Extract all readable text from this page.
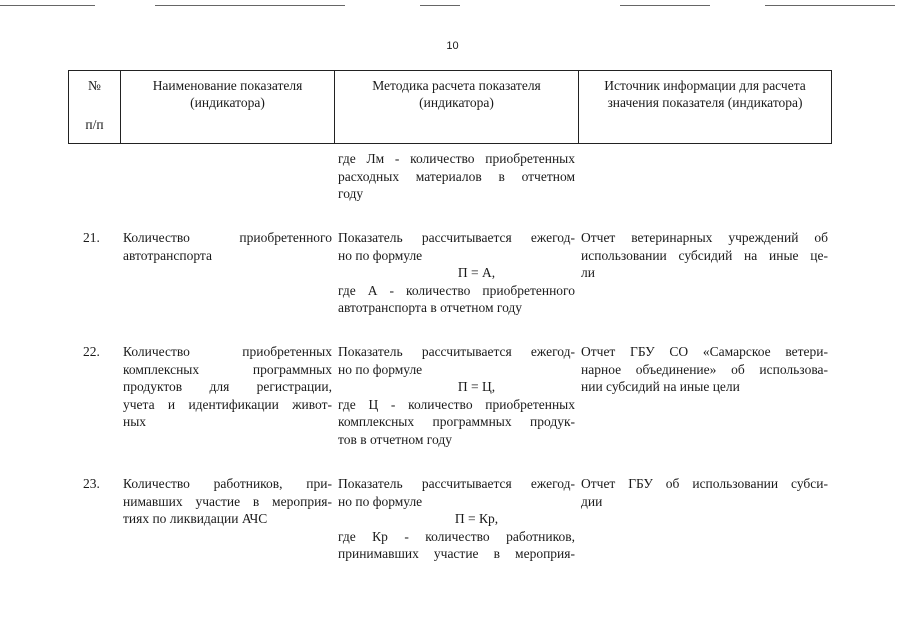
10
№
п/п
Наименование показателя
(индикатора)
Методика расчета показателя
(индикатора)
Источник информации для расчета
значения показателя (индикатора)
где Лм - количество приобретенных
расходных материалов в отчетном
году
21. Количество приобретенного
автотранспорта
Показатель рассчитывается ежегод-
но по формуле
П = А,
где А - количество приобретенного
автотранспорта в отчетном году
Отчет ветеринарных учреждений об
использовании субсидий на иные це-
ли
22. Количество приобретенных
комплексных программных
продуктов для регистрации,
учета и идентификации живот-
ных
Показатель рассчитывается ежегод-
но по формуле
П = Ц,
где Ц - количество приобретенных
комплексных программных продук-
тов в отчетном году
Отчет ГБУ СО «Самарское ветери-
нарное объединение» об использова-
нии субсидий на иные цели
23. Количество работников, при-
нимавших участие в мероприя-
тиях по ликвидации АЧС
Показатель рассчитывается ежегод-
но по формуле
П = Кр,
где Кр - количество работников,
принимавших участие в мероприя-
Отчет ГБУ об использовании субси-
дии
